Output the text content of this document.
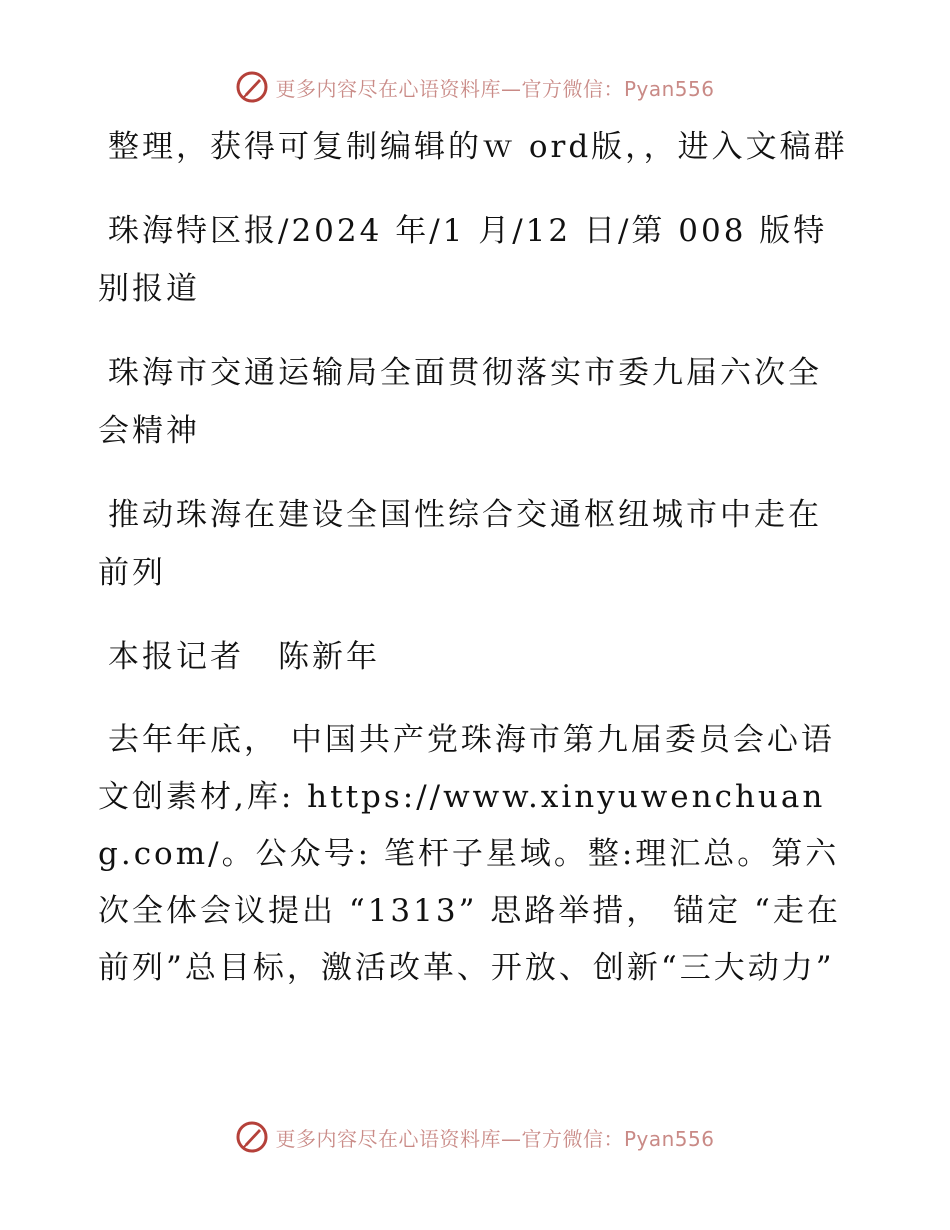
更多内容尽在心语资料库—官方微信：Pyan556

整理，获得可复制编辑的ｗ ord版，，进入文稿群

珠海特区报/2024 年/1 月/12 日/第 008 版特别报道

珠海市交通运输局全面贯彻落实市委九届六次全会精神

推动珠海在建设全国性综合交通枢纽城市中走在前列

本报记者　陈新年

去年年底， 中国共产党珠海市第九届委员会心语文创素材,库: https://www.xinyuwenchuang.com/。公众号: 笔杆子星域。整:理汇总。第六次全体会议提出 “1313” 思路举措， 锚定 “走在前列”总目标，激活改革、开放、创新“三大动力”

更多内容尽在心语资料库—官方微信：Pyan556
